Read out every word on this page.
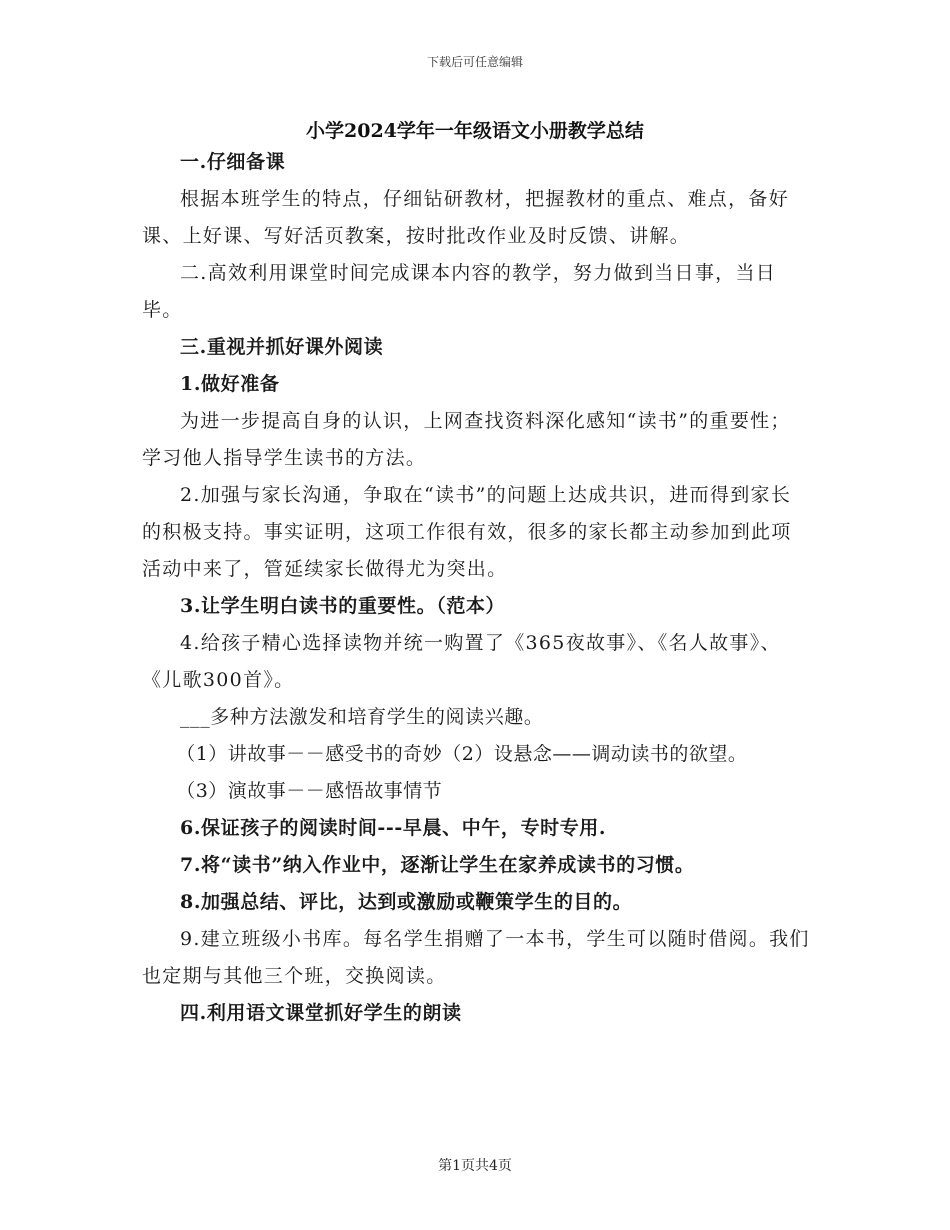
下载后可任意编辑
小学2024学年一年级语文小册教学总结

一.仔细备课

根据本班学生的特点，仔细钻研教材，把握教材的重点、难点，备好课、上好课、写好活页教案，按时批改作业及时反馈、讲解。

二.高效利用课堂时间完成课本内容的教学，努力做到当日事，当日毕。

三.重视并抓好课外阅读

1.做好准备

为进一步提高自身的认识，上网查找资料深化感知“读书”的重要性；学习他人指导学生读书的方法。

2.加强与家长沟通，争取在“读书”的问题上达成共识，进而得到家长的积极支持。事实证明，这项工作很有效，很多的家长都主动参加到此项活动中来了，管延续家长做得尤为突出。

3.让学生明白读书的重要性。（范本）

4.给孩子精心选择读物并统一购置了《365夜故事》、《名人故事》、《儿歌300首》。

___多种方法激发和培育学生的阅读兴趣。

（1）讲故事－－感受书的奇妙（2）设悬念——调动读书的欲望。

（3）演故事－－感悟故事情节

6.保证孩子的阅读时间---早晨、中午，专时专用.

7.将“读书”纳入作业中，逐渐让学生在家养成读书的习惯。

8.加强总结、评比，达到或激励或鞭策学生的目的。

9.建立班级小书库。每名学生捐赠了一本书，学生可以随时借阅。我们也定期与其他三个班，交换阅读。

四.利用语文课堂抓好学生的朗读

第1页共4页
